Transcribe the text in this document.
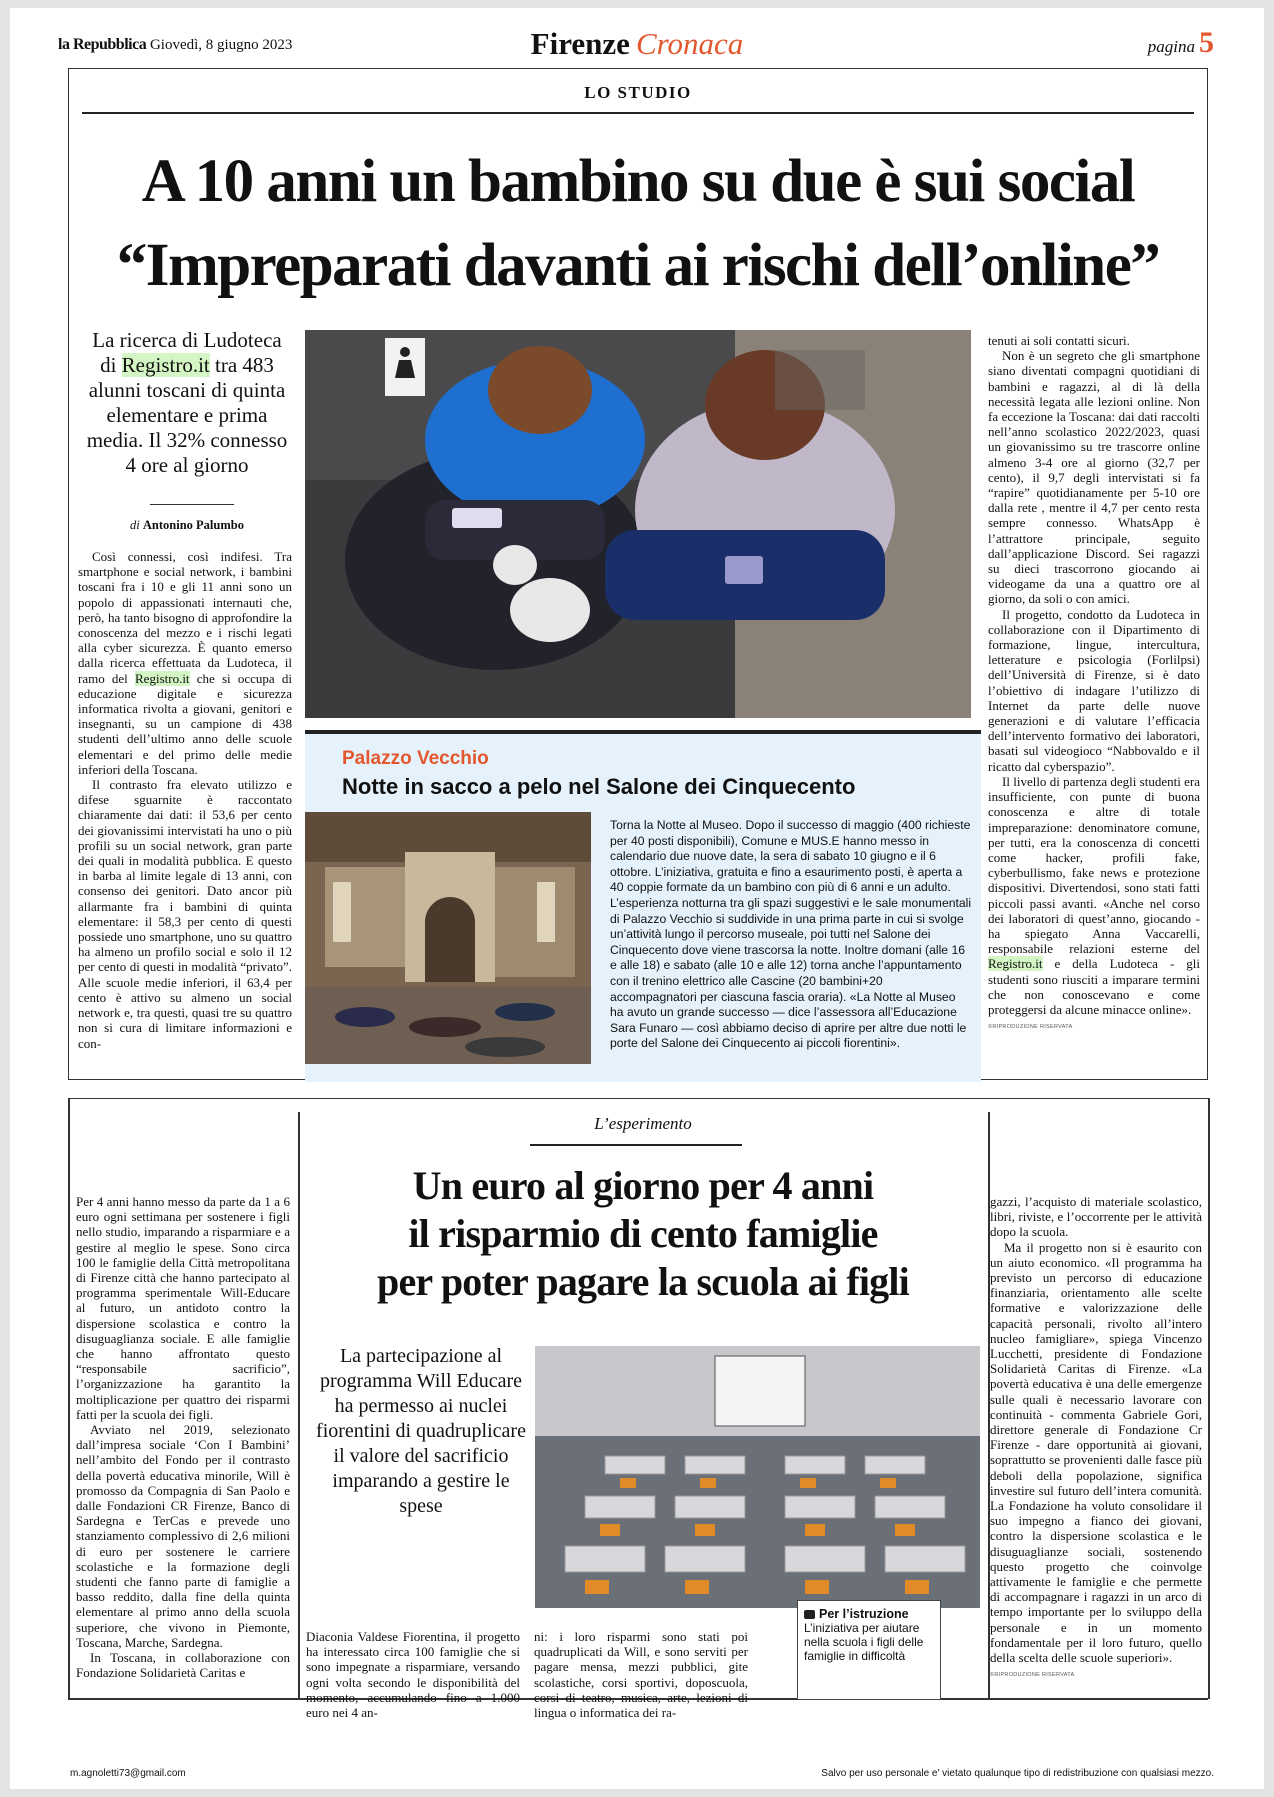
la Repubblica Giovedì, 8 giugno 2023	Firenze Cronaca	pagina 5
LO STUDIO
A 10 anni un bambino su due è sui social
“Impreparati davanti ai rischi dell’online”
La ricerca di Ludoteca di Registro.it tra 483 alunni toscani di quinta elementare e prima media. Il 32% connesso 4 ore al giorno
di Antonino Palumbo

Così connessi, così indifesi. Tra smartphone e social network, i bambini toscani fra i 10 e gli 11 anni sono un popolo di appassionati internauti che, però, ha tanto bisogno di approfondire la conoscenza del mezzo e i rischi legati alla cyber sicurezza. È quanto emerso dalla ricerca effettuata da Ludoteca, il ramo del Registro.it che si occupa di educazione digitale e sicurezza informatica rivolta a giovani, genitori e insegnanti, su un campione di 438 studenti dell’ultimo anno delle scuole elementari e del primo delle medie inferiori della Toscana.

Il contrasto fra elevato utilizzo e difese sguarnite è raccontato chiaramente dai dati: il 53,6 per cento dei giovanissimi intervistati ha uno o più profili su un social network, gran parte dei quali in modalità pubblica. E questo in barba al limite legale di 13 anni, con consenso dei genitori. Dato ancor più allarmante fra i bambini di quinta elementare: il 58,3 per cento di questi possiede uno smartphone, uno su quattro ha almeno un profilo social e solo il 12 per cento di questi in modalità “privato”. Alle scuole medie inferiori, il 63,4 per cento è attivo su almeno un social network e, tra questi, quasi tre su quattro non si cura di limitare informazioni e con-

Palazzo Vecchio
Notte in sacco a pelo nel Salone dei Cinquecento
Torna la Notte al Museo. Dopo il successo di maggio (400 richieste per 40 posti disponibili), Comune e MUS.E hanno messo in calendario due nuove date, la sera di sabato 10 giugno e il 6 ottobre. L’iniziativa, gratuita e fino a esaurimento posti, è aperta a 40 coppie formate da un bambino con più di 6 anni e un adulto. L’esperienza notturna tra gli spazi suggestivi e le sale monumentali di Palazzo Vecchio si suddivide in una prima parte in cui si svolge un’attività lungo il percorso museale, poi tutti nel Salone dei Cinquecento dove viene trascorsa la notte. Inoltre domani (alle 16 e alle 18) e sabato (alle 10 e alle 12) torna anche l’appuntamento con il trenino elettrico alle Cascine (20 bambini+20 accompagnatori per ciascuna fascia oraria). «La Notte al Museo ha avuto un grande successo — dice l’assessora all’Educazione Sara Funaro — così abbiamo deciso di aprire per altre due notti le porte del Salone dei Cinquecento ai piccoli fiorentini».

tenuti ai soli contatti sicuri.

Non è un segreto che gli smartphone siano diventati compagni quotidiani di bambini e ragazzi, al di là della necessità legata alle lezioni online. Non fa eccezione la Toscana: dai dati raccolti nell’anno scolastico 2022/2023, quasi un giovanissimo su tre trascorre online almeno 3-4 ore al giorno (32,7 per cento), il 9,7 degli intervistati si fa “rapire” quotidianamente per 5-10 ore dalla rete , mentre il 4,7 per cento resta sempre connesso. WhatsApp è l’attrattore principale, seguito dall’applicazione Discord. Sei ragazzi su dieci trascorrono giocando ai videogame da una a quattro ore al giorno, da soli o con amici.

Il progetto, condotto da Ludoteca in collaborazione con il Dipartimento di formazione, lingue, intercultura, letterature e psicologia (Forlilpsi) dell’Università di Firenze, si è dato l’obiettivo di indagare l’utilizzo di Internet da parte delle nuove generazioni e di valutare l’efficacia dell’intervento formativo dei laboratori, basati sul videogioco “Nabbovaldo e il ricatto dal cyberspazio”.

Il livello di partenza degli studenti era insufficiente, con punte di buona conoscenza e altre di totale impreparazione: denominatore comune, per tutti, era la conoscenza di concetti come hacker, profili fake, cyberbullismo, fake news e protezione dispositivi. Divertendosi, sono stati fatti piccoli passi avanti. «Anche nel corso dei laboratori di quest’anno, giocando - ha spiegato Anna Vaccarelli, responsabile relazioni esterne del Registro.it e della Ludoteca - gli studenti sono riusciti a imparare termini che non conoscevano e come proteggersi da alcune minacce online».

©RIPRODUZIONE RISERVATA
L’esperimento
Un euro al giorno per 4 anni
il risparmio di cento famiglie
per poter pagare la scuola ai figli

Per 4 anni hanno messo da parte da 1 a 6 euro ogni settimana per sostenere i figli nello studio, imparando a risparmiare e a gestire al meglio le spese. Sono circa 100 le famiglie della Città metropolitana di Firenze città che hanno partecipato al programma sperimentale Will-Educare al futuro, un antidoto contro la dispersione scolastica e contro la disuguaglianza sociale. E alle famiglie che hanno affrontato questo “responsabile sacrificio”, l’organizzazione ha garantito la moltiplicazione per quattro dei risparmi fatti per la scuola dei figli.

Avviato nel 2019, selezionato dall’impresa sociale ‘Con I Bambini’ nell’ambito del Fondo per il contrasto della povertà educativa minorile, Will è promosso da Compagnia di San Paolo e dalle Fondazioni CR Firenze, Banco di Sardegna e TerCas e prevede uno stanziamento complessivo di 2,6 milioni di euro per sostenere le carriere scolastiche e la formazione degli studenti che fanno parte di famiglie a basso reddito, dalla fine della quinta elementare al primo anno della scuola superiore, che vivono in Piemonte, Toscana, Marche, Sardegna.

In Toscana, in collaborazione con Fondazione Solidarietà Caritas e

La partecipazione al programma Will Educare ha permesso ai nuclei fiorentini di quadruplicare il valore del sacrificio imparando a gestire le spese
Per l’istruzione
L’iniziativa per aiutare nella scuola i figli delle famiglie in difficoltà
Diaconia Valdese Fiorentina, il progetto ha interessato circa 100 famiglie che si sono impegnate a risparmiare, versando ogni volta secondo le disponibilità del momento, accumulando fino a 1.000 euro nei 4 an-
ni: i loro risparmi sono stati poi quadruplicati da Will, e sono serviti per pagare mensa, mezzi pubblici, gite scolastiche, corsi sportivi, doposcuola, corsi di teatro, musica, arte, lezioni di lingua o informatica dei ra-

gazzi, l’acquisto di materiale scolastico, libri, riviste, e l’occorrente per le attività dopo la scuola.

Ma il progetto non si è esaurito con un aiuto economico. «Il programma ha previsto un percorso di educazione finanziaria, orientamento alle scelte formative e valorizzazione delle capacità personali, rivolto all’intero nucleo famigliare», spiega Vincenzo Lucchetti, presidente di Fondazione Solidarietà Caritas di Firenze. «La povertà educativa è una delle emergenze sulle quali è necessario lavorare con continuità - commenta Gabriele Gori, direttore generale di Fondazione Cr Firenze - dare opportunità ai giovani, soprattutto se provenienti dalle fasce più deboli della popolazione, significa investire sul futuro dell’intera comunità. La Fondazione ha voluto consolidare il suo impegno a fianco dei giovani, contro la dispersione scolastica e le disuguaglianze sociali, sostenendo questo progetto che coinvolge attivamente le famiglie e che permette di accompagnare i ragazzi in un arco di tempo importante per lo sviluppo della personale e in un momento fondamentale per il loro futuro, quello della scelta delle scuole superiori».

©RIPRODUZIONE RISERVATA
m.agnoletti73@gmail.com	Salvo per uso personale e' vietato qualunque tipo di redistribuzione con qualsiasi mezzo.
